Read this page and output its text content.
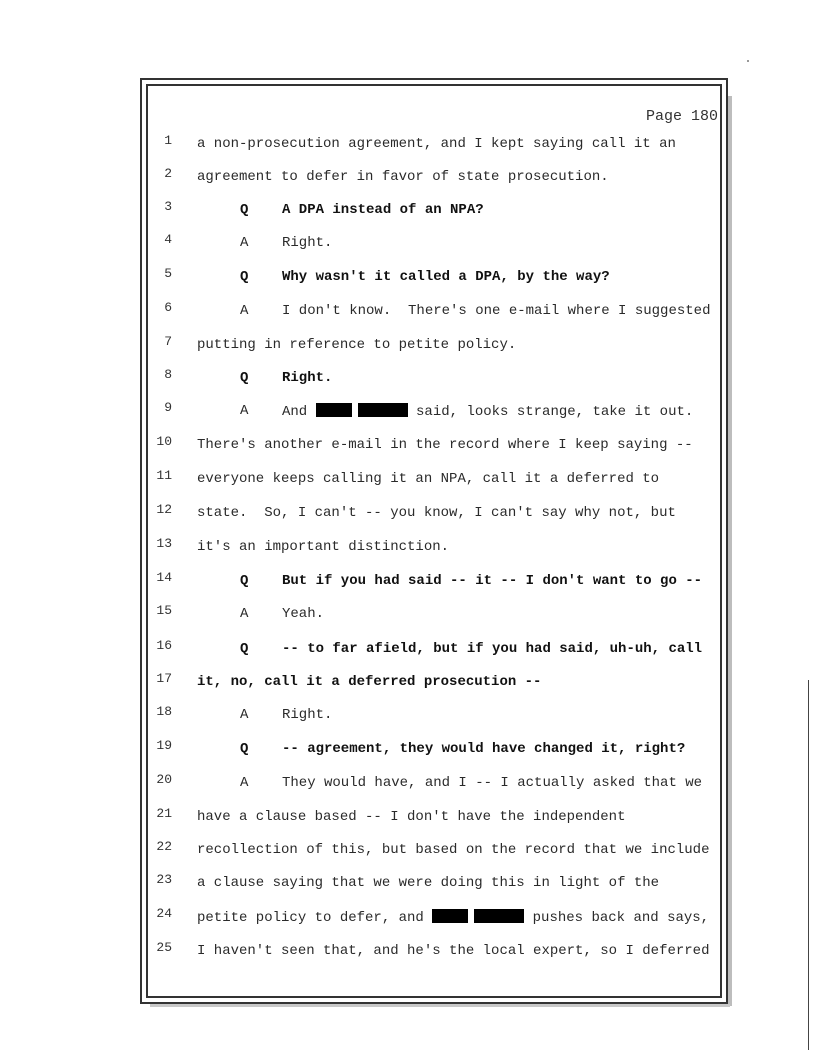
Page 180
1 a non-prosecution agreement, and I kept saying call it an
2 agreement to defer in favor of state prosecution.
3	Q A DPA instead of an NPA?
4	A Right.
5	Q Why wasn't it called a DPA, by the way?
6	A I don't know.  There's one e-mail where I suggested
7 putting in reference to petite policy.
8	Q Right.
9	A And	said, looks strange, take it out.
10 There's another e-mail in the record where I keep saying --
11 everyone keeps calling it an NPA, call it a deferred to
12 state.  So, I can't -- you know, I can't say why not, but
13 it's an important distinction.
14	Q But if you had said -- it -- I don't want to go --
15	A Yeah.
16	Q -- to far afield, but if you had said, uh-uh, call
17 it, no, call it a deferred prosecution --
18	A Right.
19	Q -- agreement, they would have changed it, right?
20	A They would have, and I -- I actually asked that we
21 have a clause based -- I don't have the independent
22 recollection of this, but based on the record that we include
23 a clause saying that we were doing this in light of the
24 petite policy to defer, and	pushes back and says,
25 I haven't seen that, and he's the local expert, so I deferred
